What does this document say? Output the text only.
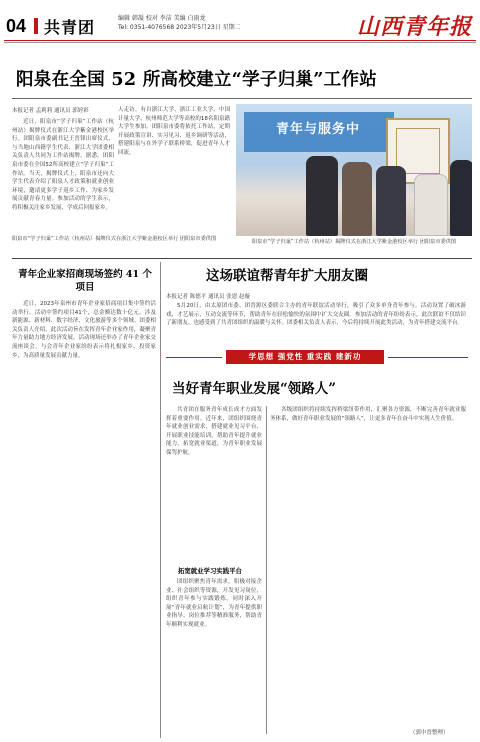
04 共青团	编辑 韩凝 校对 李洁 美编 白雨龙
Tel: 0351-4076568 2023年5月23日 星期二	山西青年报
阳泉在全国 52 所高校建立“学子归巢”工作站
本报记者 孟莉莉 通讯员 郭婷彩
近日，阳泉市“学子归巢”工作站（杭州站）揭牌仪式在浙江大学紫金港校区举行。团阳泉市委副书记王晋锋出席仪式，与当地山西籍学生代表、浙江大学团委相关负责人共同为工作站揭牌。据悉，团阳泉市委在全国52所高校建立“学子归巢”工作站。当天，揭牌仪式上，阳泉市还向大学生代表介绍了阳泉人才政策和就业创业环境，邀请更多学子返乡工作、为家乡发展贡献青春力量。参加活动的学生表示，将积极关注家乡发展，学成后回报家乡。
人走访。有自浙江大学、浙江工业大学、中国计量大学、杭州师范大学等高校的18名阳泉籍大学生参加。团阳泉市委将依托工作站，定期开展政策宣讲、实习见习、返乡调研等活动，搭建阳泉与在外学子联系桥梁，促进青年人才回流。
青年与服务中
阳泉市“学子归巢”工作站（杭州站）揭牌仪式在浙江大学紫金港校区举行 团阳泉市委供图
阳泉市“学子归巢”工作站（杭州站）揭牌仪式在浙江大学紫金港校区举行 团阳泉市委供图
青年企业家招商现场签约 41 个项目
近日，2023年泉州市青年企业家招商项目集中签约活动举行。活动中签约项目41个，总金额达数十亿元，涉及新能源、新材料、数字经济、文化旅游等多个领域。团委相关负责人介绍，此次活动旨在发挥青年企业家作用，凝聚青年力量助力地方经济发展。活动现场还举办了青年企业家交流座谈会，与会青年企业家纷纷表示将扎根家乡、投资家乡，为高质量发展贡献力量。
这场联谊帮青年扩大朋友圈
本报记者 陈德平 通讯员 张恩 赵璇
5月20日，由太原团市委、团晋源区委联合主办的青年联谊活动举行，吸引了众多单身青年参与。活动设置了破冰游戏、才艺展示、互动交流等环节，帮助青年在轻松愉快的氛围中扩大交友圈。参加活动的青年纷纷表示，此次联谊不仅结识了新朋友，也感受到了共青团组织的温暖与关怀。团委相关负责人表示，今后将持续开展此类活动，为青年搭建交流平台。
学思想 强党性 重实践 建新功
当好青年职业发展“领路人”
共青团在服务青年成长成才方面发挥着重要作用。近年来，团组织围绕青年就业创业需求，搭建就业见习平台、开展职业技能培训，帮助青年提升就业能力，拓宽就业渠道，为青年职业发展保驾护航。
拓宽就业学习实践平台
团组织聚焦青年需求，积极对接企业、社会组织等资源，开发见习岗位，组织青年参与实践锻炼。同时深入开展“青年就业启航计划”，为青年提供职业指导、岗位推荐等精准服务，帮助青年顺利实现就业。
各级团组织将持续发挥桥梁纽带作用，汇聚各方资源，不断完善青年就业服务体系，做好青年职业发展的“领路人”，让更多青年在奋斗中实现人生价值。
（郭中晋整理）
